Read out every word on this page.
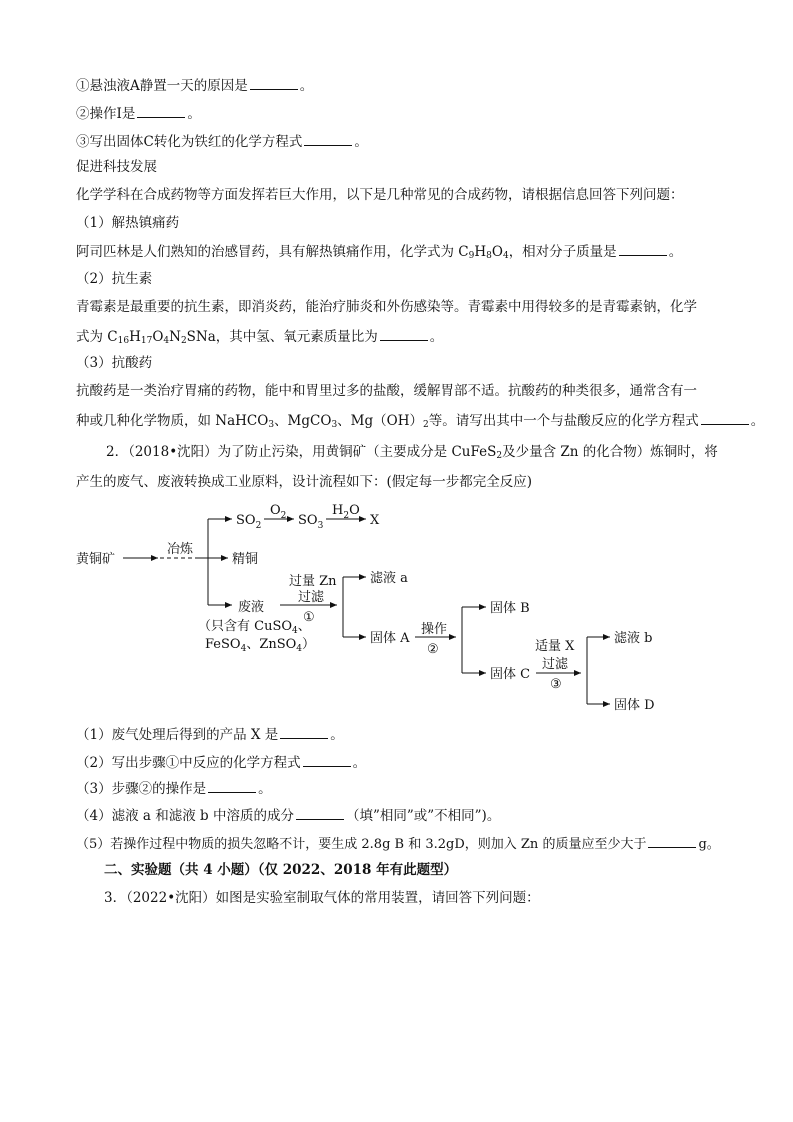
①悬浊液A静置一天的原因是	。
②操作Ⅰ是	。
③写出固体C转化为铁红的化学方程式	。
促进科技发展
化学学科在合成药物等方面发挥若巨大作用，以下是几种常见的合成药物，请根据信息回答下列问题：
（1）解热镇痛药
阿司匹林是人们熟知的治感冒药，具有解热镇痛作用，化学式为 C9H8O4，相对分子质量是	。
（2）抗生素
青霉素是最重要的抗生素，即消炎药，能治疗肺炎和外伤感染等。青霉素中用得较多的是青霉素钠，化学
式为 C16H17O4N2SNa，其中氢、氧元素质量比为	。
（3）抗酸药
抗酸药是一类治疗胃痛的药物，能中和胃里过多的盐酸，缓解胃部不适。抗酸药的种类很多，通常含有一
种或几种化学物质，如 NaHCO3、MgCO3、Mg（OH）2等。请写出其中一个与盐酸反应的化学方程式	。
2．（2018•沈阳）为了防止污染，用黄铜矿（主要成分是 CuFeS2及少量含 Zn 的化合物）炼铜时，将
产生的废气、废液转换成工业原料，设计流程如下：(假定每一步都完全反应)
黄铜矿
冶炼
$SO_2$
$O_2$ $SO_3$
$H_2O$
X
精铜
废液
（只含有 CuSO$_4$、
FeSO$_4$、ZnSO$_4$）
过量 Zn
过滤
①
滤液 a
固体 A
操作
②
固体 B
固体 C
适量 X
过滤
③
滤液 b
固体 D
（1）废气处理后得到的产品 X 是	。
（2）写出步骤①中反应的化学方程式	。
（3）步骤②的操作是	。
（4）滤液 a 和滤液 b 中溶质的成分	（填”相同”或”不相同”)。
（5）若操作过程中物质的损失忽略不计，要生成 2.8g B 和 3.2gD，则加入 Zn 的质量应至少大于	g。
二、实验题（共 4 小题）（仅 2022、2018 年有此题型）
3．（2022•沈阳）如图是实验室制取气体的常用装置，请回答下列问题：
